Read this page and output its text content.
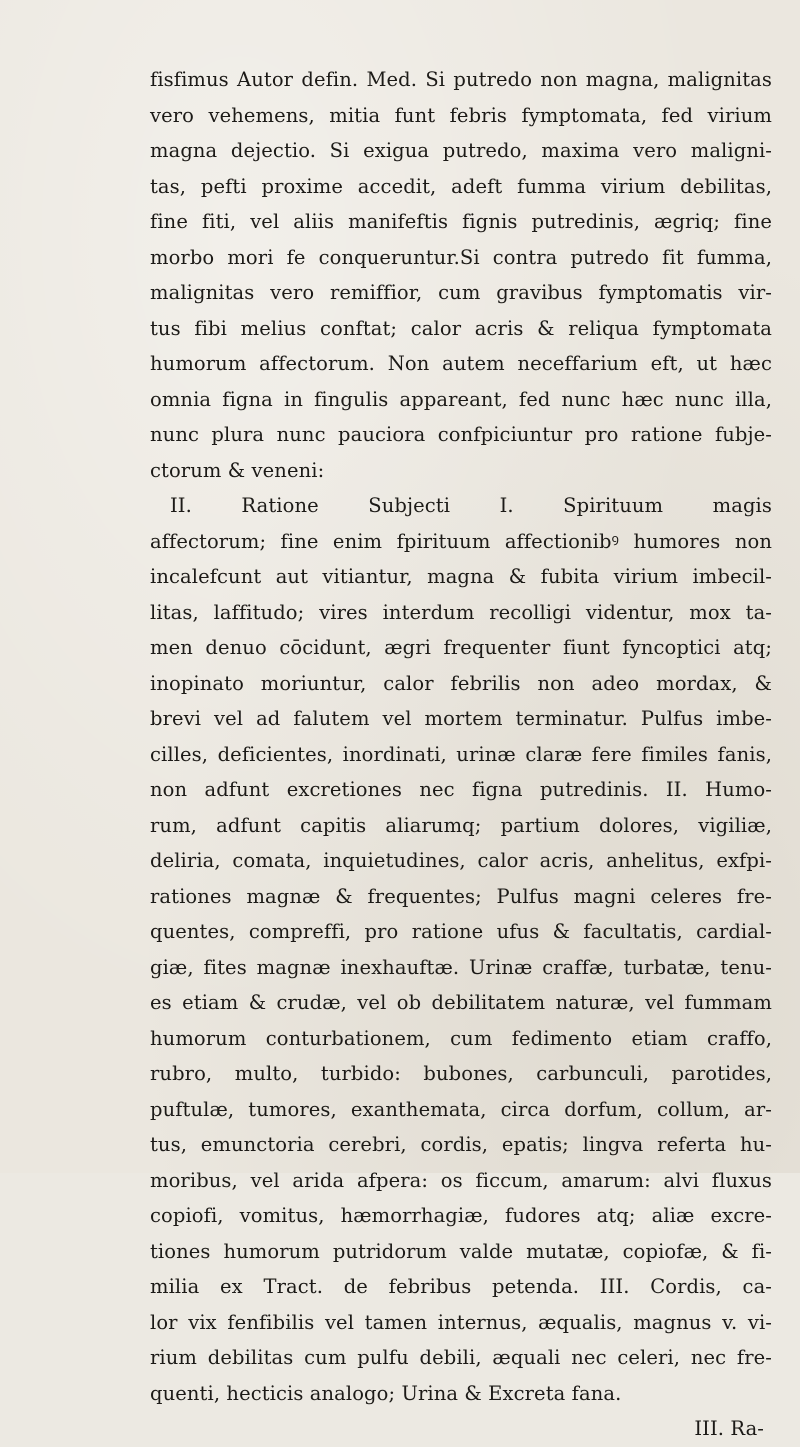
fisfimus Autor defin. Med. Si putredo non magna, malignitas
vero vehemens, mitia funt febris fymptomata, fed virium
magna dejectio. Si exigua putredo, maxima vero maligni-
tas, pefti proxime accedit, adeft fumma virium debilitas,
fine fiti, vel aliis manifeftis fignis putredinis, ægriq; fine
morbo mori fe conqueruntur.Si contra putredo fit fumma,
malignitas vero remiffior, cum gravibus fymptomatis vir-
tus fibi melius conftat; calor acris & reliqua fymptomata
humorum affectorum. Non autem neceffarium eft, ut hæc
omnia figna in fingulis appareant, fed nunc hæc nunc illa,
nunc plura nunc pauciora confpiciuntur pro ratione fubje-
ctorum & veneni:
II. Ratione Subjecti I. Spirituum magis
affectorum; fine enim fpirituum affectionibꝰ humores non
incalefcunt aut vitiantur, magna & fubita virium imbecil-
litas, laffitudo; vires interdum recolligi videntur, mox ta-
men denuo cōcidunt, ægri frequenter fiunt fyncoptici atq;
inopinato moriuntur, calor febrilis non adeo mordax, &
brevi vel ad falutem vel mortem terminatur. Pulfus imbe-
cilles, deficientes, inordinati, urinæ claræ fere fimiles fanis,
non adfunt excretiones nec figna putredinis. II. Humo-
rum, adfunt capitis aliarumq; partium dolores, vigiliæ,
deliria, comata, inquietudines, calor acris, anhelitus, exfpi-
rationes magnæ & frequentes; Pulfus magni celeres fre-
quentes, compreffi, pro ratione ufus & facultatis, cardial-
giæ, fites magnæ inexhauftæ. Urinæ craffæ, turbatæ, tenu-
es etiam & crudæ, vel ob debilitatem naturæ, vel fummam
humorum conturbationem, cum fedimento etiam craffo,
rubro, multo, turbido: bubones, carbunculi, parotides,
puftulæ, tumores, exanthemata, circa dorfum, collum, ar-
tus, emunctoria cerebri, cordis, epatis; lingva referta hu-
moribus, vel arida afpera: os ficcum, amarum: alvi fluxus
copiofi, vomitus, hæmorrhagiæ, fudores atq; aliæ excre-
tiones humorum putridorum valde mutatæ, copiofæ, & fi-
milia ex Tract. de febribus petenda. III. Cordis, ca-
lor vix fenfibilis vel tamen internus, æqualis, magnus v. vi-
rium debilitas cum pulfu debili, æquali nec celeri, nec fre-
quenti, hecticis analogo; Urina & Excreta fana.
III. Ra-
